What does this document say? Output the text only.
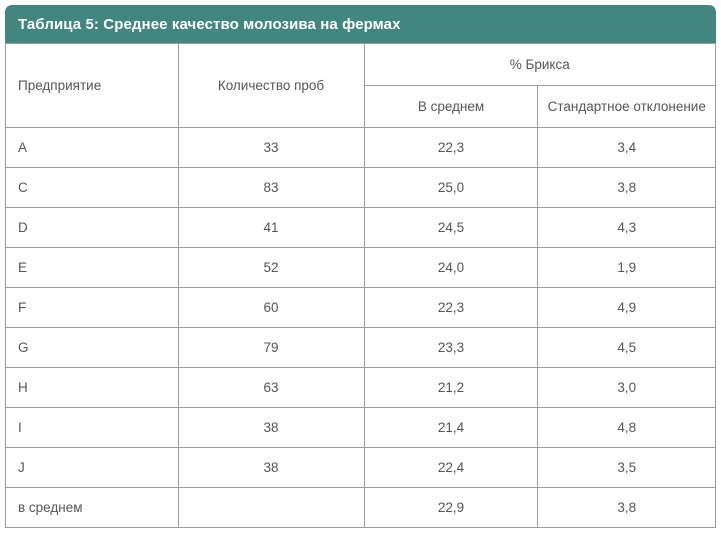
Таблица 5: Среднее качество молозива на фермах
Предприятие	Количество проб	% Брикса	
		В среднем	Стандартное отклонение
A	33	22,3	3,4
C	83	25,0	3,8
D	41	24,5	4,3
E	52	24,0	1,9
F	60	22,3	4,9
G	79	23,3	4,5
H	63	21,2	3,0
I	38	21,4	4,8
J	38	22,4	3,5
в среднем		22,9	3,8
